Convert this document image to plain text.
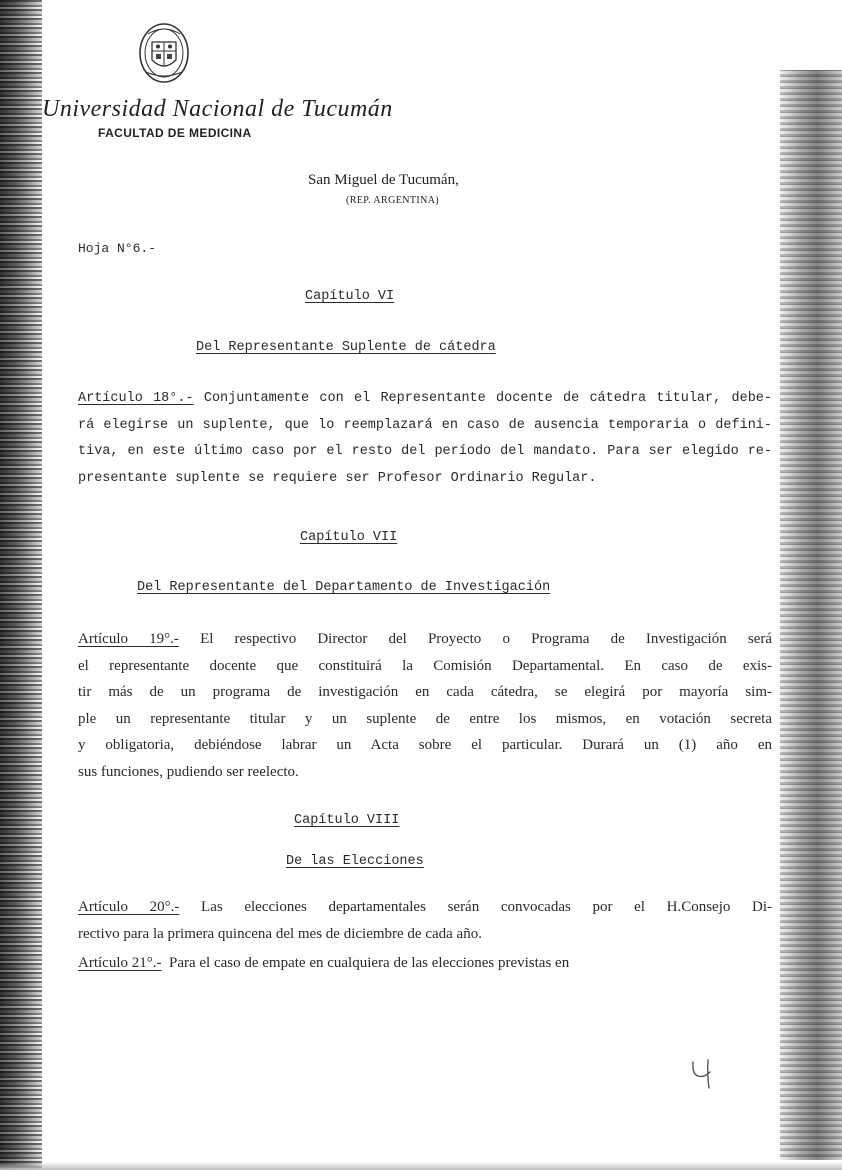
Universidad Nacional de Tucumán
FACULTAD DE MEDICINA
San Miguel de Tucumán,
(REP. ARGENTINA)
Hoja N°6.-
Capítulo VI
Del Representante Suplente de cátedra
Artículo 18°.- Conjuntamente con el Representante docente de cátedra titular, debe-
rá elegirse un suplente, que lo reemplazará en caso de ausencia temporaria o defini-
tiva, en este último caso por el resto del período del mandato. Para ser elegido re-
presentante suplente se requiere ser Profesor Ordinario Regular.
Capítulo VII
Del Representante del Departamento de Investigación
Artículo 19°.- El respectivo Director del Proyecto o Programa de Investigación será
el representante docente que constituirá la Comisión Departamental. En caso de exis-
tir más de un programa de investigación en cada cátedra, se elegirá por mayoría sim-
ple un representante titular y un suplente de entre los mismos, en votación secreta
y obligatoria, debiéndose labrar un Acta sobre el particular. Durará un (1) año en
sus funciones, pudiendo ser reelecto.
Capítulo VIII
De las Elecciones
Artículo 20°.- Las elecciones departamentales serán convocadas por el H.Consejo Di-
rectivo para la primera quincena del mes de diciembre de cada año.
Artículo 21°.- Para el caso de empate en cualquiera de las elecciones previstas en
